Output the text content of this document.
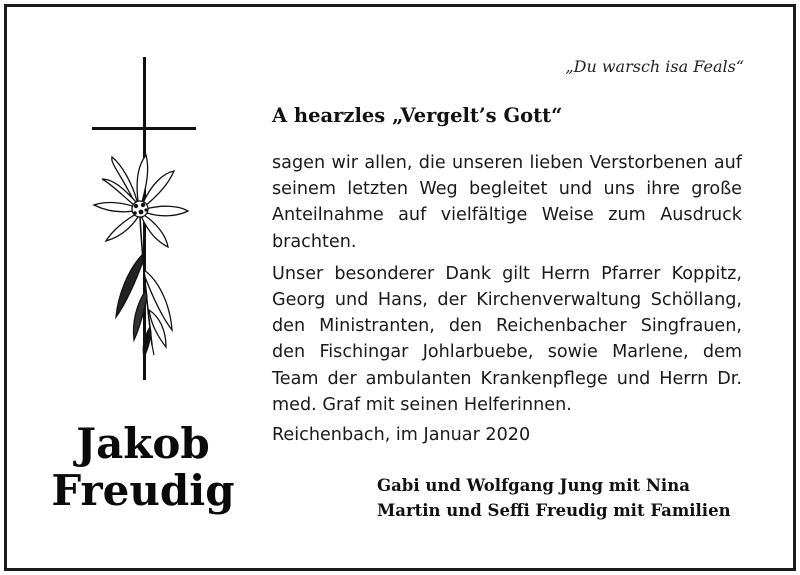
„Du warsch isa Feals“
A hearzles „Vergelt’s Gott“

sagen wir allen, die unseren lieben Verstorbenen auf seinem letzten Weg begleitet und uns ihre große Anteilnahme auf vielfältige Weise zum Ausdruck brachten.

Unser besonderer Dank gilt Herrn Pfarrer Koppitz, Georg und Hans, der Kirchenverwaltung Schöllang, den Ministranten, den Reichenbacher Singfrauen, den Fischingar Johlarbuebe, sowie Marlene, dem Team der ambulanten Krankenpflege und Herrn Dr. med. Graf mit seinen Helferinnen.

Reichenbach, im Januar 2020
Gabi und Wolfgang Jung mit Nina
Martin und Seffi Freudig mit Familien
Jakob
Freudig
